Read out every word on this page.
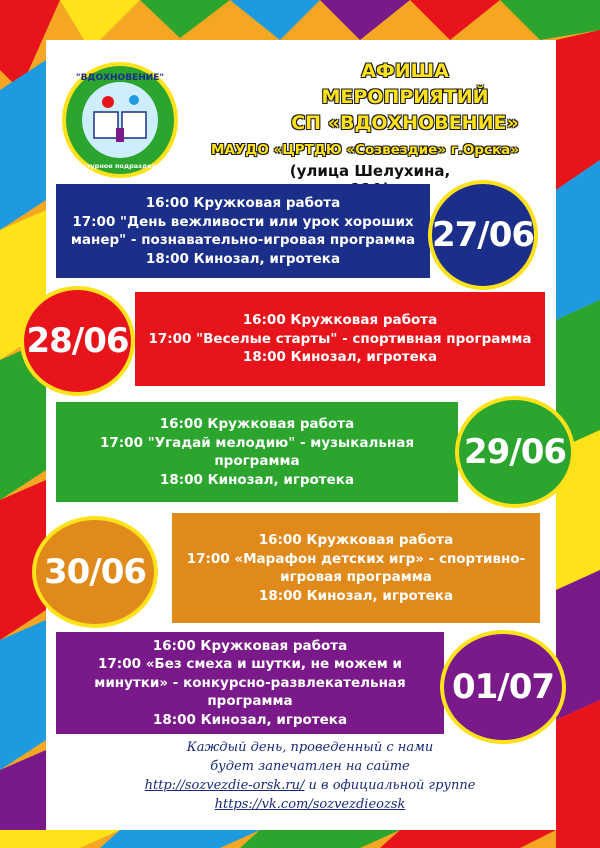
"ВДОХНОВЕНИЕ"
структурное подразделение
АФИША
МЕРОПРИЯТИЙ
СП «ВДОХНОВЕНИЕ»
МАУДО «ЦРТДЮ «Созвездие» г.Орска»
(улица Шелухина,
16:00 Кружковая работа
17:00 "День вежливости или урок хороших манер" - познавательно-игровая программа
18:00 Кинозал, игротека
27/06
16:00 Кружковая работа
17:00 "Веселые старты" - спортивная программа
18:00 Кинозал, игротека
28/06
16:00 Кружковая работа
17:00 "Угадай мелодию" - музыкальная программа
18:00 Кинозал, игротека
29/06
16:00 Кружковая работа
17:00 «Марафон детских игр» - спортивно-игровая программа
18:00 Кинозал, игротека
30/06
16:00 Кружковая работа
17:00 «Без смеха и шутки, не можем и минутки» - конкурсно-развлекательная программа
18:00 Кинозал, игротека
01/07
Каждый день, проведенный с нами
будет запечатлен на сайте
http://sozvezdie-orsk.ru/ и в официальной группе
https://vk.com/sozvezdieozsk
